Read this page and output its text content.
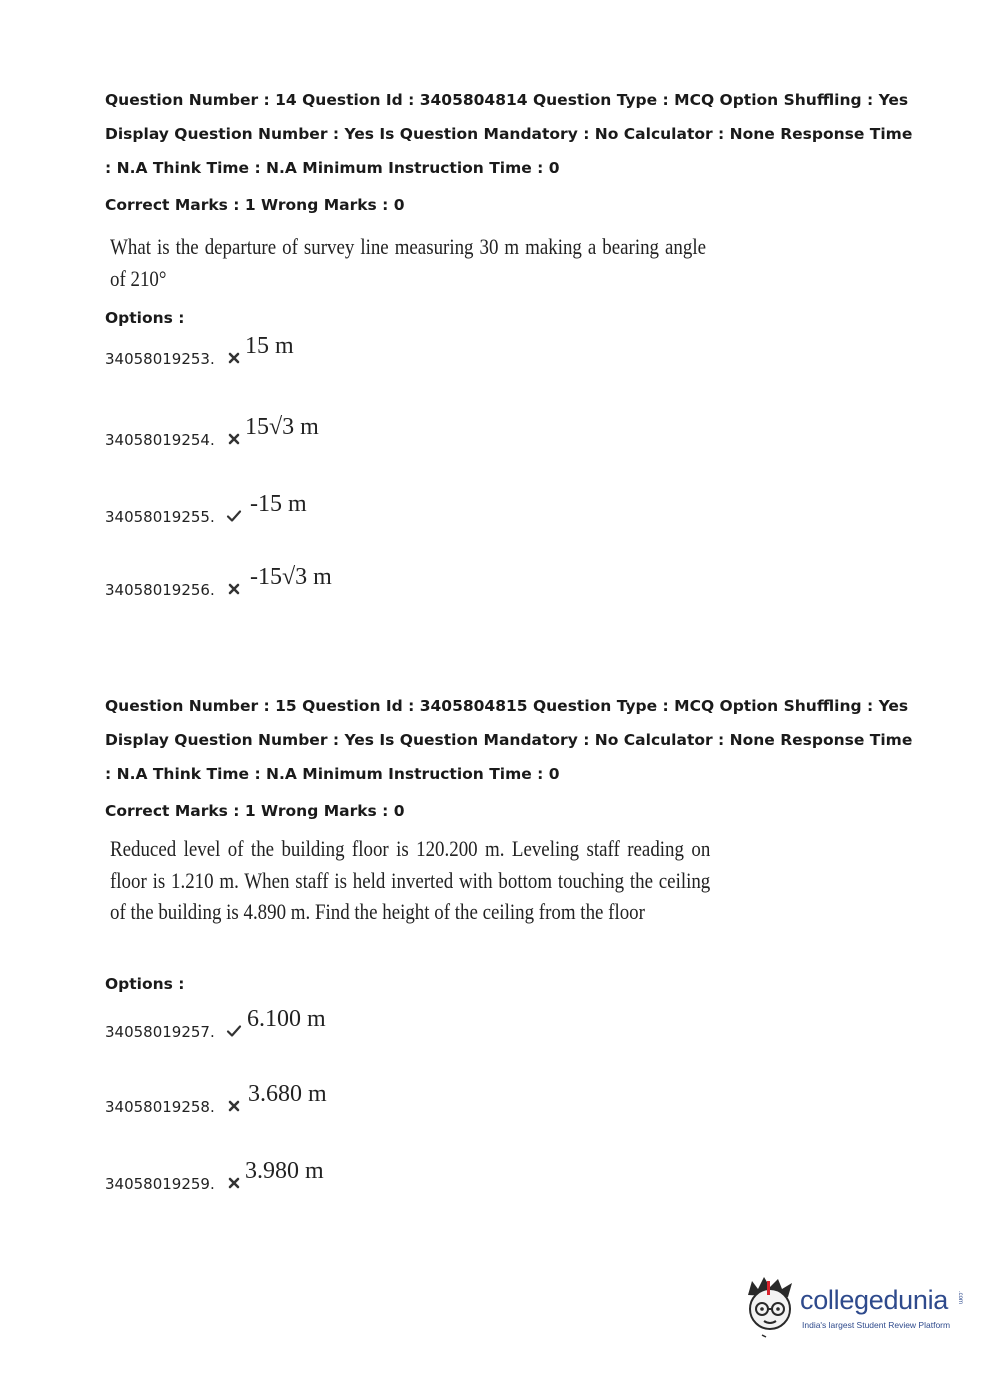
Question Number : 14 Question Id : 3405804814 Question Type : MCQ Option Shuffling : Yes Display Question Number : Yes Is Question Mandatory : No Calculator : None Response Time : N.A Think Time : N.A Minimum Instruction Time : 0
Correct Marks : 1 Wrong Marks : 0
What is the departure of survey line measuring 30 m making a bearing angle of 210°
Options :
34058019253. 15 m
34058019254. 15√3 m
34058019255. -15 m
34058019256. -15√3 m
Question Number : 15 Question Id : 3405804815 Question Type : MCQ Option Shuffling : Yes Display Question Number : Yes Is Question Mandatory : No Calculator : None Response Time : N.A Think Time : N.A Minimum Instruction Time : 0
Correct Marks : 1 Wrong Marks : 0
Reduced level of the building floor is 120.200 m. Leveling staff reading on floor is 1.210 m. When staff is held inverted with bottom touching the ceiling of the building is 4.890 m. Find the height of the ceiling from the floor
Options :
34058019257. 6.100 m
34058019258. 3.680 m
34058019259. 3.980 m
collegedunia .com
India's largest Student Review Platform
